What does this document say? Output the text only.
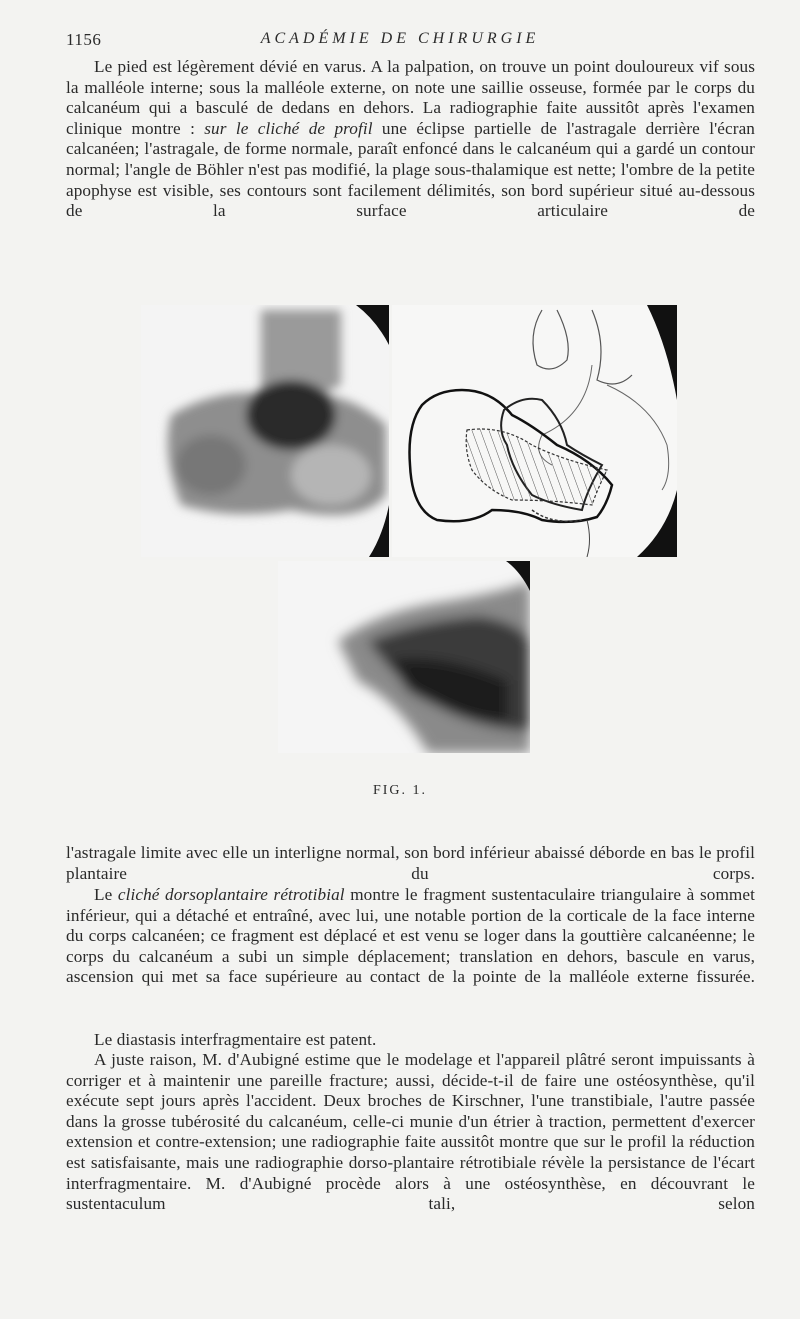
1156	ACADÉMIE DE CHIRURGIE

Le pied est légèrement dévié en varus. A la palpation, on trouve un point douloureux vif sous la malléole interne; sous la malléole externe, on note une saillie osseuse, formée par le corps du calcanéum qui a basculé de dedans en dehors. La radiographie faite aussitôt après l'examen clinique montre : sur le cliché de profil une éclipse partielle de l'astragale derrière l'écran calcanéen; l'astragale, de forme normale, paraît enfoncé dans le calcanéum qui a gardé un contour normal; l'angle de Böhler n'est pas modifié, la plage sous-thalamique est nette; l'ombre de la petite apophyse est visible, ses contours sont facilement délimités, son bord supérieur situé au-dessous de la surface articulaire de

FIG. 1.

l'astragale limite avec elle un interligne normal, son bord inférieur abaissé déborde en bas le profil plantaire du corps.

Le cliché dorsoplantaire rétrotibial montre le fragment sustentaculaire triangulaire à sommet inférieur, qui a détaché et entraîné, avec lui, une notable portion de la corticale de la face interne du corps calcanéen; ce fragment est déplacé et est venu se loger dans la gouttière calcanéenne; le corps du calcanéum a subi un simple déplacement; translation en dehors, bascule en varus, ascension qui met sa face supérieure au contact de la pointe de la malléole externe fissurée.

Le diastasis interfragmentaire est patent.

A juste raison, M. d'Aubigné estime que le modelage et l'appareil plâtré seront impuissants à corriger et à maintenir une pareille fracture; aussi, décide-t-il de faire une ostéosynthèse, qu'il exécute sept jours après l'accident. Deux broches de Kirschner, l'une transtibiale, l'autre passée dans la grosse tubérosité du calcanéum, celle-ci munie d'un étrier à traction, permettent d'exercer extension et contre-extension; une radiographie faite aussitôt montre que sur le profil la réduction est satisfaisante, mais une radiographie dorso-plantaire rétrotibiale révèle la persistance de l'écart interfragmentaire. M. d'Aubigné procède alors à une ostéosynthèse, en découvrant le sustentaculum tali, selon
